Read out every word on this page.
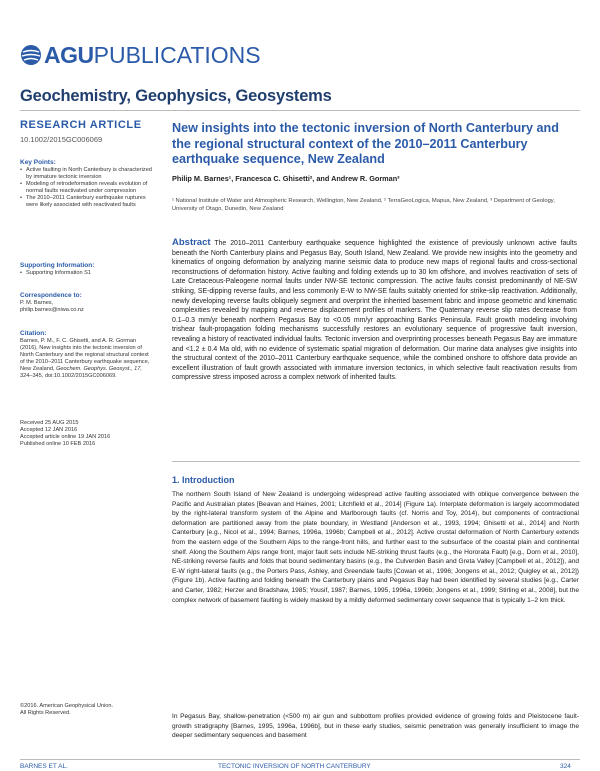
AGU PUBLICATIONS
Geochemistry, Geophysics, Geosystems
RESEARCH ARTICLE
10.1002/2015GC006069
Key Points:
• Active faulting in North Canterbury is characterized by immature tectonic inversion
• Modeling of retrodeformation reveals evolution of normal faults reactivated under compression
• The 2010–2011 Canterbury earthquake ruptures were likely associated with reactivated faults
Supporting Information:
• Supporting Information S1
Correspondence to:
P. M. Barnes,
philip.barnes@niwa.co.nz
Citation:
Barnes, P. M., F. C. Ghisetti, and A. R. Gorman (2016), New insights into the tectonic inversion of North Canterbury and the regional structural context of the 2010–2011 Canterbury earthquake sequence, New Zealand, Geochem. Geophys. Geosyst., 17, 324–345, doi:10.1002/2015GC006069.
Received 25 AUG 2015
Accepted 12 JAN 2016
Accepted article online 19 JAN 2016
Published online 10 FEB 2016
©2016. American Geophysical Union.
All Rights Reserved.
New insights into the tectonic inversion of North Canterbury and the regional structural context of the 2010–2011 Canterbury earthquake sequence, New Zealand
Philip M. Barnes¹, Francesca C. Ghisetti², and Andrew R. Gorman³
¹ National Institute of Water and Atmospheric Research, Wellington, New Zealand, ² TerraGeoLogica, Mapua, New Zealand, ³ Department of Geology, University of Otago, Dunedin, New Zealand

Abstract The 2010–2011 Canterbury earthquake sequence highlighted the existence of previously unknown active faults beneath the North Canterbury plains and Pegasus Bay, South Island, New Zealand. We provide new insights into the geometry and kinematics of ongoing deformation by analyzing marine seismic data to produce new maps of regional faults and cross-sectional reconstructions of deformation history. Active faulting and folding extends up to 30 km offshore, and involves reactivation of sets of Late Cretaceous-Paleogene normal faults under NW-SE tectonic compression. The active faults consist predominantly of NE-SW striking, SE-dipping reverse faults, and less commonly E-W to NW-SE faults suitably oriented for strike-slip reactivation. Additionally, newly developing reverse faults obliquely segment and overprint the inherited basement fabric and impose geometric and kinematic complexities revealed by mapping and reverse displacement profiles of markers. The Quaternary reverse slip rates decrease from 0.1–0.3 mm/yr beneath northern Pegasus Bay to <0.05 mm/yr approaching Banks Peninsula. Fault growth modeling involving trishear fault-propagation folding mechanisms successfully restores an evolutionary sequence of progressive fault inversion, revealing a history of reactivated individual faults. Tectonic inversion and overprinting processes beneath Pegasus Bay are immature and <1.2 ± 0.4 Ma old, with no evidence of systematic spatial migration of deformation. Our marine data analyses give insights into the structural context of the 2010–2011 Canterbury earthquake sequence, while the combined onshore to offshore data provide an excellent illustration of fault growth associated with immature inversion tectonics, in which selective fault reactivation results from compressive stress imposed across a complex network of inherited faults.

1. Introduction

The northern South Island of New Zealand is undergoing widespread active faulting associated with oblique convergence between the Pacific and Australian plates [Beavan and Haines, 2001; Litchfield et al., 2014] (Figure 1a). Interplate deformation is largely accommodated by the right-lateral transform system of the Alpine and Marlborough faults (cf. Norris and Toy, 2014), but components of contractional deformation are partitioned away from the plate boundary, in Westland [Anderson et al., 1993, 1994; Ghisetti et al., 2014] and North Canterbury [e.g., Nicol et al., 1994; Barnes, 1996a, 1996b; Campbell et al., 2012]. Active crustal deformation of North Canterbury extends from the eastern edge of the Southern Alps to the range-front hills, and further east to the subsurface of the coastal plain and continental shelf. Along the Southern Alps range front, major fault sets include NE-striking thrust faults (e.g., the Hororata Fault) [e.g., Dorn et al., 2010], NE-striking reverse faults and folds that bound sedimentary basins (e.g., the Culverden Basin and Greta Valley [Campbell et al., 2012]), and E-W right-lateral faults (e.g., the Porters Pass, Ashley, and Greendale faults [Cowan et al., 1996; Jongens et al., 2012; Quigley et al., 2012]) (Figure 1b). Active faulting and folding beneath the Canterbury plains and Pegasus Bay had been identified by several studies [e.g., Carter and Carter, 1982; Herzer and Bradshaw, 1985; Yousif, 1987; Barnes, 1995, 1996a, 1996b; Jongens et al., 1999; Stirling et al., 2008], but the complex network of basement faulting is widely masked by a mildly deformed sedimentary cover sequence that is typically 1–2 km thick.

In Pegasus Bay, shallow-penetration (<500 m) air gun and subbottom profiles provided evidence of growing folds and Pleistocene fault-growth stratigraphy [Barnes, 1995, 1996a, 1996b], but in these early studies, seismic penetration was generally insufficient to image the deeper sedimentary sequences and basement

BARNES ET AL.	TECTONIC INVERSION OF NORTH CANTERBURY	324
